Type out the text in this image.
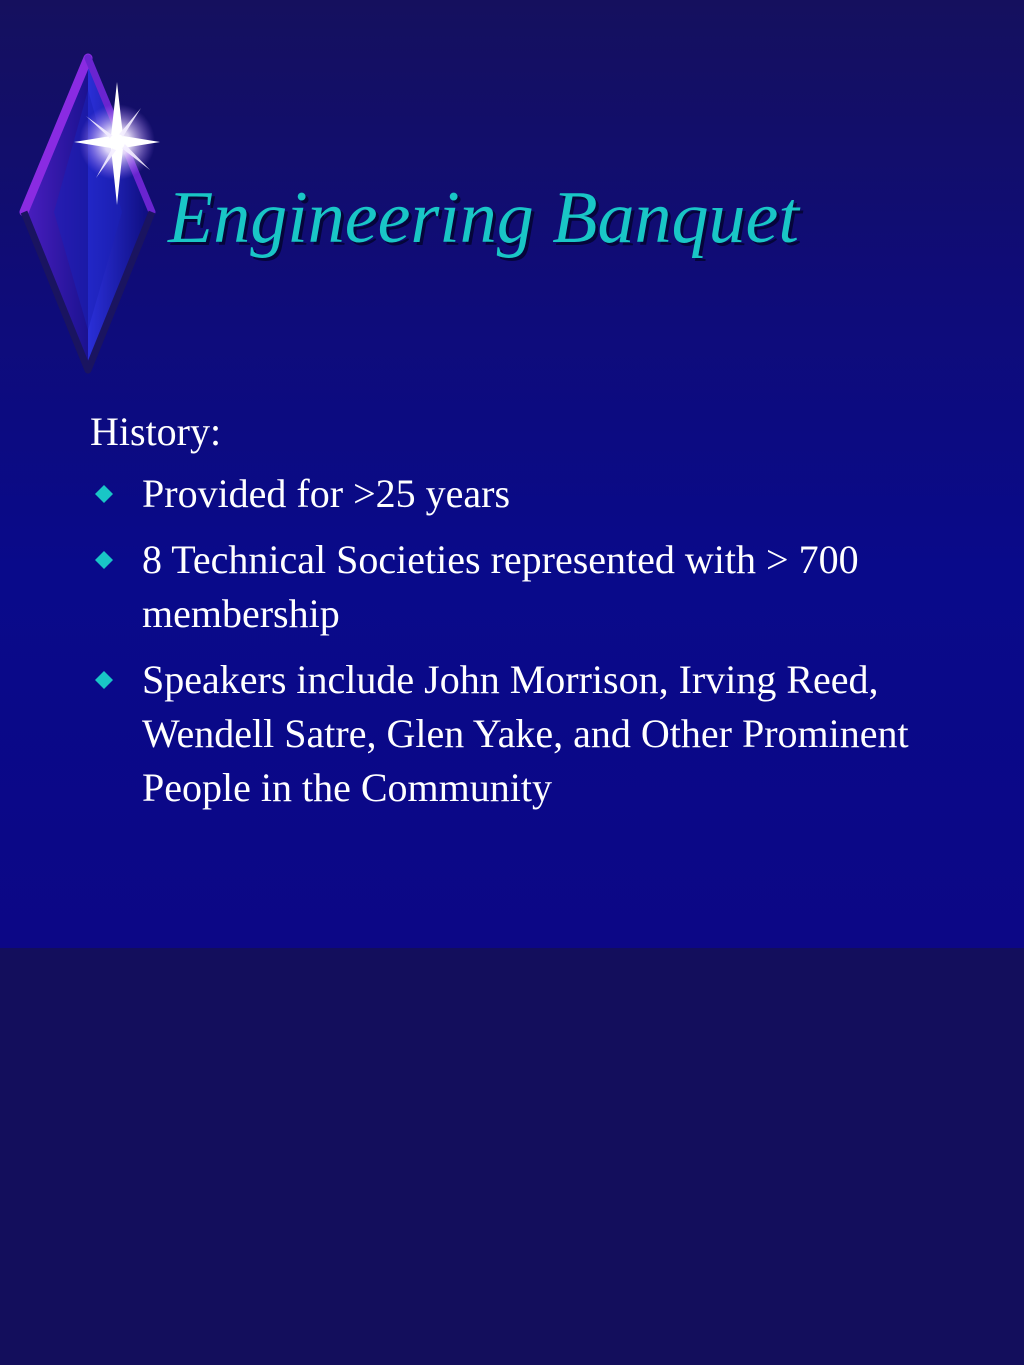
Engineering Banquet

History:

Provided for >25 years
8 Technical Societies represented with > 700 membership
Speakers include John Morrison, Irving Reed, Wendell Satre, Glen Yake, and Other Prominent People in the Community
